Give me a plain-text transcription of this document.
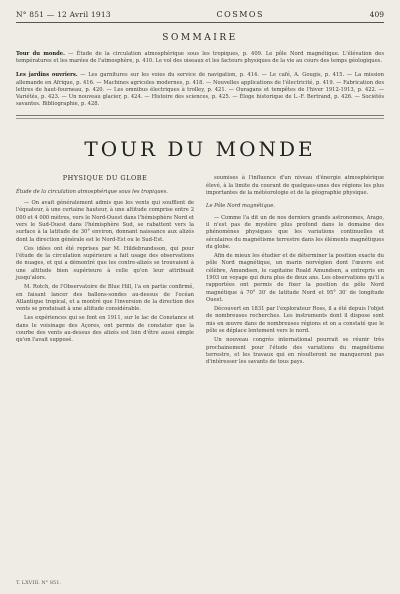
N° 851 — 12 Avril 1913	COSMOS	409
SOMMAIRE

Tour du monde. — Étude de la circulation atmosphérique sous les tropiques, p. 409. Le pôle Nord magnétique. L'élévation des températures et les marées de l'atmosphère, p. 410. Le vol des oiseaux et les facteurs physiques de la vie au cours des temps géologiques.

Les jardins ouvriers. — Les garnitures sur les voies du service de navigation, p. 414. — Le café, A. Gougis, p. 415. — La mission allemande en Afrique, p. 416. — Machines agricoles modernes, p. 418. — Nouvelles applications de l'électricité, p. 419. — Fabrication des lettres de haut-fourneau, p. 420. — Les omnibus électriques à trolley, p. 421. — Ouragans et tempêtes de l'hiver 1912-1913, p. 422. — Variétés, p. 423. — Un nouveau glacier, p. 424. — Histoire des sciences, p. 425. — Éloge historique de L.-F. Bertrand, p. 426. — Sociétés savantes. Bibliographie, p. 428.

TOUR DU MONDE

PHYSIQUE DU GLOBE

Étude de la circulation atmosphérique sous les tropiques.

— On avait généralement admis que les vents qui soufflent de l'équateur, à une certaine hauteur, à une altitude comprise entre 2 000 et 4 000 mètres, vers le Nord-Ouest dans l'hémisphère Nord et vers le Sud-Ouest dans l'hémisphère Sud, se rabattent vers la surface à la latitude de 30° environ, donnant naissance aux alizés dont la direction générale est le Nord-Est ou le Sud-Est.

Ces idées ont été reprises par M. Hildebrandsson, qui pour l'étude de la circulation supérieure a fait usage des observations de nuages, et qui a démontré que les contre-alizés se trouvaient à une altitude bien supérieure à celle qu'on leur attribuait jusqu'alors.

M. Rotch, de l'Observatoire de Blue Hill, l'a en partie confirmé, en faisant lancer des ballons-sondes au-dessus de l'océan Atlantique tropical, et a montré que l'inversion de la direction des vents se produisait à une altitude considérable.

Les expériences qui se font en 1911, sur le lac de Constance et dans le voisinage des Açores, ont permis de constater que la courbe des vents au-dessus des alizés est loin d'être aussi simple qu'on l'avait supposé.

soumises à l'influence d'un niveau d'énergie atmosphérique élevé, à la limite du courant de quelques-unes des régions les plus importantes de la météorologie et de la géographie physique.

Le Pôle Nord magnétique.

— Comme l'a dit un de nos derniers grands astronomes, Arago, il n'est pas de mystère plus profond dans le domaine des phénomènes physiques que les variations continuelles et séculaires du magnétisme terrestre dans les éléments magnétiques du globe.

Afin de mieux les étudier et de déterminer la position exacte du pôle Nord magnétique, un marin norvégien dont l'œuvre est célèbre, Amundsen, le capitaine Roald Amundsen, a entrepris en 1903 un voyage qui dura plus de deux ans. Les observations qu'il a rapportées ont permis de fixer la position du pôle Nord magnétique à 70° 30′ de latitude Nord et 95° 30′ de longitude Ouest.

Découvert en 1831 par l'explorateur Ross, il a été depuis l'objet de nombreuses recherches. Les instruments dont il dispose sont mis en œuvre dans de nombreuses régions et on a constaté que le pôle se déplace lentement vers le nord.

Un nouveau congrès international pourrait se réunir très prochainement pour l'étude des variations du magnétisme terrestre, et les travaux qui en résulteront ne manqueront pas d'intéresser les savants de tous pays.

T. LXVIII. N° 851.
